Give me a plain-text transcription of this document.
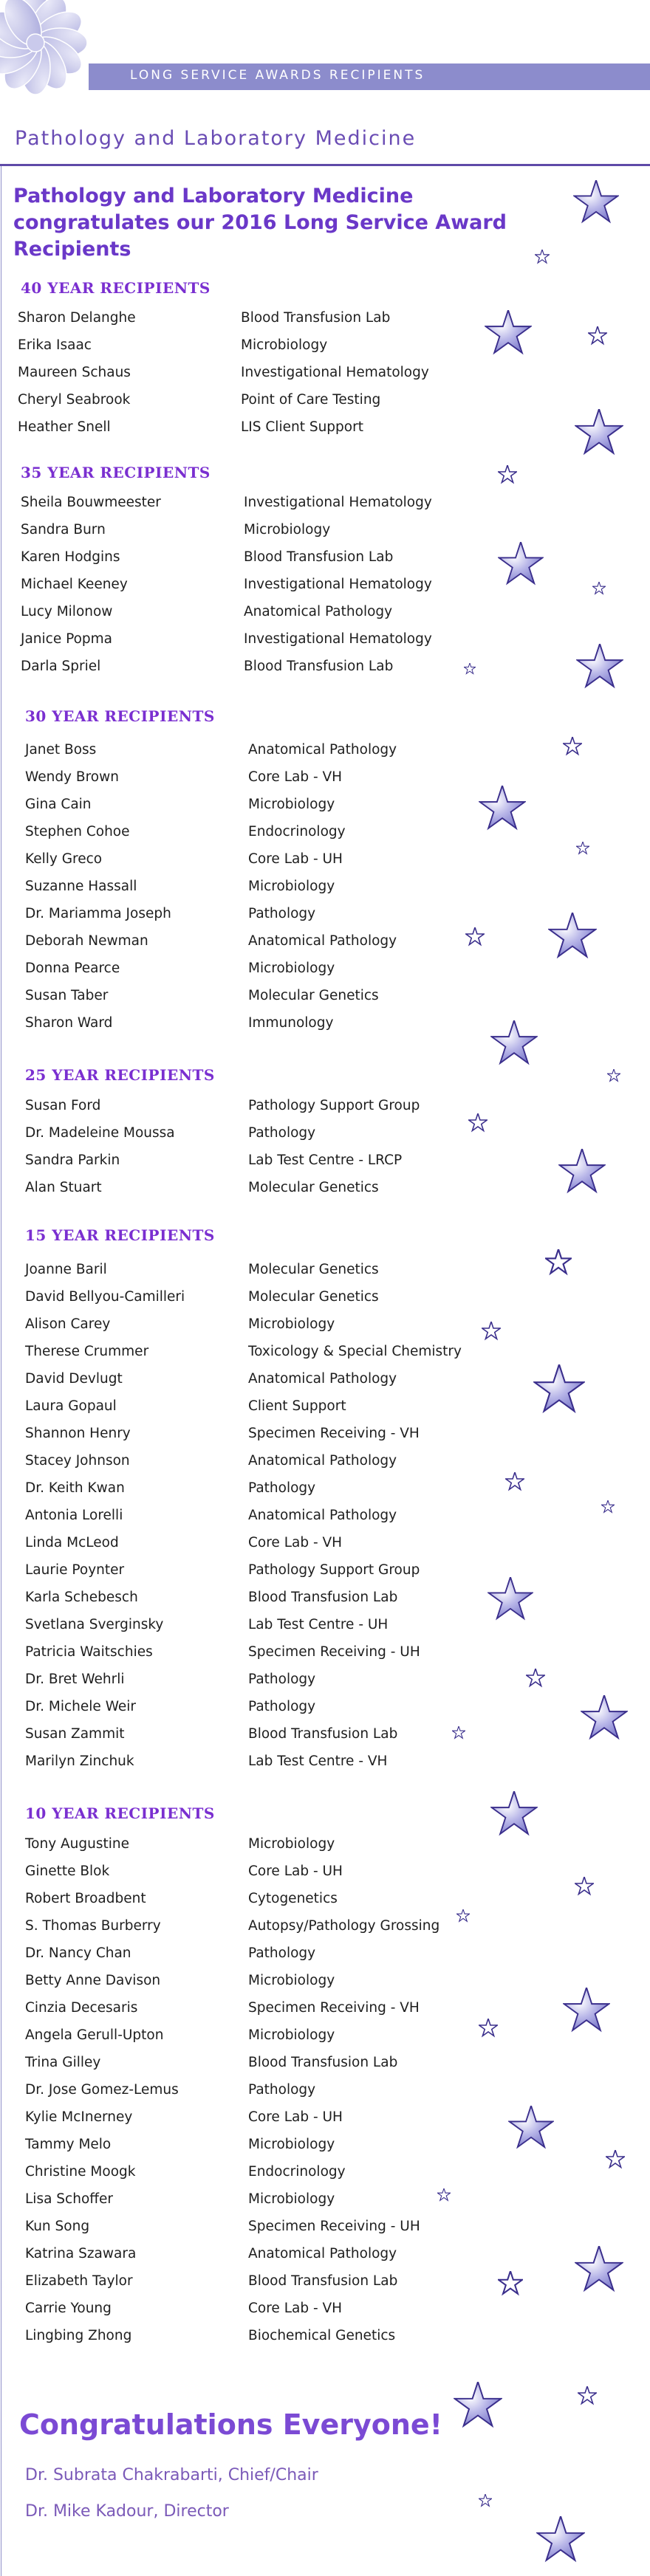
LONG SERVICE AWARDS RECIPIENTS
Pathology and Laboratory Medicine
Pathology and Laboratory Medicine congratulates our 2016 Long Service Award Recipients
40 YEAR RECIPIENTS
Sharon Delanghe	Blood Transfusion Lab
Erika Isaac	Microbiology
Maureen Schaus	Investigational Hematology
Cheryl Seabrook	Point of Care Testing
Heather Snell	LIS Client Support
35 YEAR RECIPIENTS
Sheila Bouwmeester	Investigational Hematology
Sandra Burn	Microbiology
Karen Hodgins	Blood Transfusion Lab
Michael Keeney	Investigational Hematology
Lucy Milonow	Anatomical Pathology
Janice Popma	Investigational Hematology
Darla Spriel	Blood Transfusion Lab
30 YEAR RECIPIENTS
Janet Boss	Anatomical Pathology
Wendy Brown	Core Lab - VH
Gina Cain	Microbiology
Stephen Cohoe	Endocrinology
Kelly Greco	Core Lab - UH
Suzanne Hassall	Microbiology
Dr. Mariamma Joseph	Pathology
Deborah Newman	Anatomical Pathology
Donna Pearce	Microbiology
Susan Taber	Molecular Genetics
Sharon Ward	Immunology
25 YEAR RECIPIENTS
Susan Ford	Pathology Support Group
Dr. Madeleine Moussa	Pathology
Sandra Parkin	Lab Test Centre - LRCP
Alan Stuart	Molecular Genetics
15 YEAR RECIPIENTS
Joanne Baril	Molecular Genetics
David Bellyou-Camilleri	Molecular Genetics
Alison Carey	Microbiology
Therese Crummer	Toxicology & Special Chemistry
David Devlugt	Anatomical Pathology
Laura Gopaul	Client Support
Shannon Henry	Specimen Receiving - VH
Stacey Johnson	Anatomical Pathology
Dr. Keith Kwan	Pathology
Antonia Lorelli	Anatomical Pathology
Linda McLeod	Core Lab - VH
Laurie Poynter	Pathology Support Group
Karla Schebesch	Blood Transfusion Lab
Svetlana Sverginsky	Lab Test Centre - UH
Patricia Waitschies	Specimen Receiving - UH
Dr. Bret Wehrli	Pathology
Dr. Michele Weir	Pathology
Susan Zammit	Blood Transfusion Lab
Marilyn Zinchuk	Lab Test Centre - VH
10 YEAR RECIPIENTS
Tony Augustine	Microbiology
Ginette Blok	Core Lab - UH
Robert Broadbent	Cytogenetics
S. Thomas Burberry	Autopsy/Pathology Grossing
Dr. Nancy Chan	Pathology
Betty Anne Davison	Microbiology
Cinzia Decesaris	Specimen Receiving - VH
Angela Gerull-Upton	Microbiology
Trina Gilley	Blood Transfusion Lab
Dr. Jose Gomez-Lemus	Pathology
Kylie McInerney	Core Lab - UH
Tammy Melo	Microbiology
Christine Moogk	Endocrinology
Lisa Schoffer	Microbiology
Kun Song	Specimen Receiving - UH
Katrina Szawara	Anatomical Pathology
Elizabeth Taylor	Blood Transfusion Lab
Carrie Young	Core Lab - VH
Lingbing Zhong	Biochemical Genetics
Congratulations Everyone!
Dr. Subrata Chakrabarti, Chief/Chair
Dr. Mike Kadour, Director
